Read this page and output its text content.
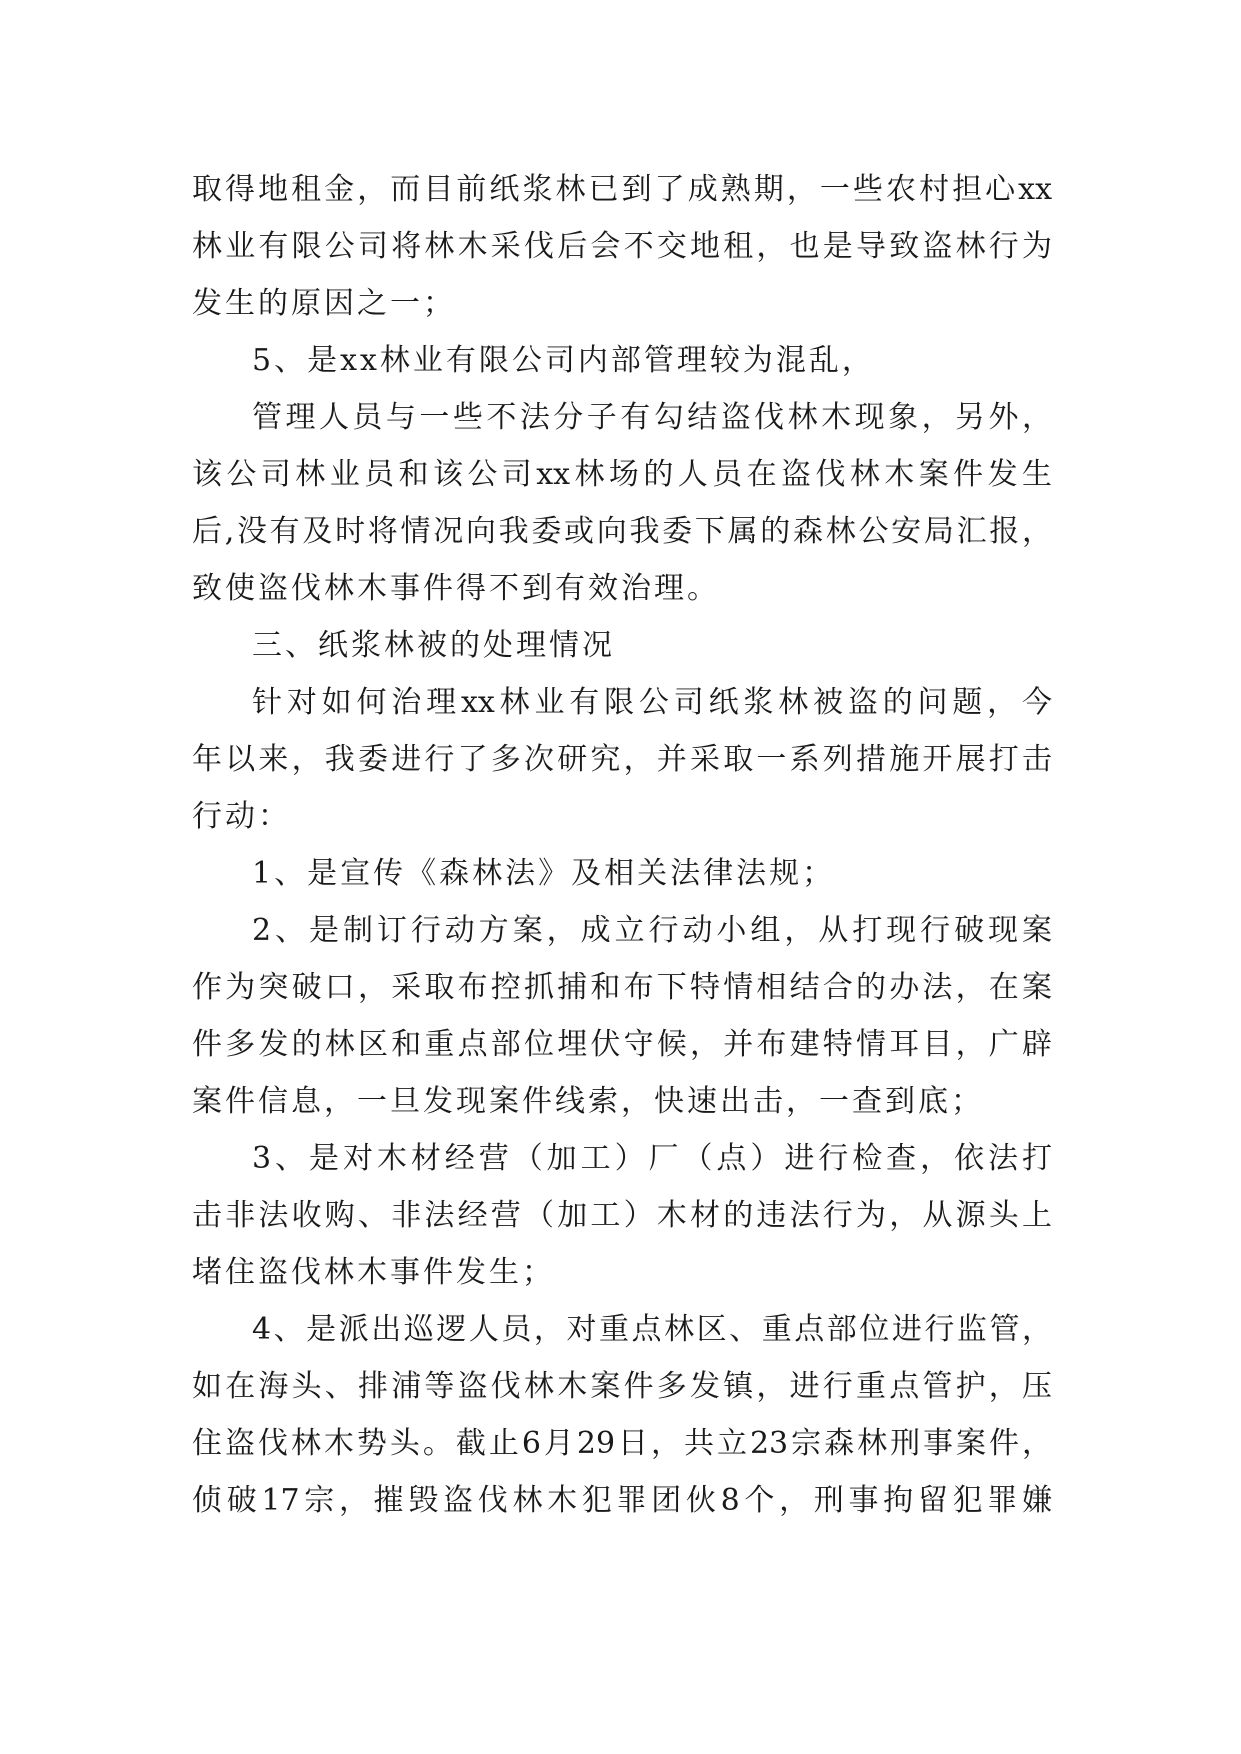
取得地租金，而目前纸浆林已到了成熟期，一些农村担心xx
林业有限公司将林木采伐后会不交地租，也是导致盗林行为
发生的原因之一；
5、是xx林业有限公司内部管理较为混乱，
管理人员与一些不法分子有勾结盗伐林木现象，另外，
该公司林业员和该公司xx林场的人员在盗伐林木案件发生
后,没有及时将情况向我委或向我委下属的森林公安局汇报，
致使盗伐林木事件得不到有效治理。
三、纸浆林被的处理情况
针对如何治理xx林业有限公司纸浆林被盗的问题，今
年以来，我委进行了多次研究，并采取一系列措施开展打击
行动：
1、是宣传《森林法》及相关法律法规；
2、是制订行动方案，成立行动小组，从打现行破现案
作为突破口，采取布控抓捕和布下特情相结合的办法，在案
件多发的林区和重点部位埋伏守候，并布建特情耳目，广辟
案件信息，一旦发现案件线索，快速出击，一查到底；
3、是对木材经营（加工）厂（点）进行检查，依法打
击非法收购、非法经营（加工）木材的违法行为，从源头上
堵住盗伐林木事件发生；
4、是派出巡逻人员，对重点林区、重点部位进行监管，
如在海头、排浦等盗伐林木案件多发镇，进行重点管护，压
住盗伐林木势头。截止6月29日，共立23宗森林刑事案件，
侦破17宗，摧毁盗伐林木犯罪团伙8个，刑事拘留犯罪嫌
